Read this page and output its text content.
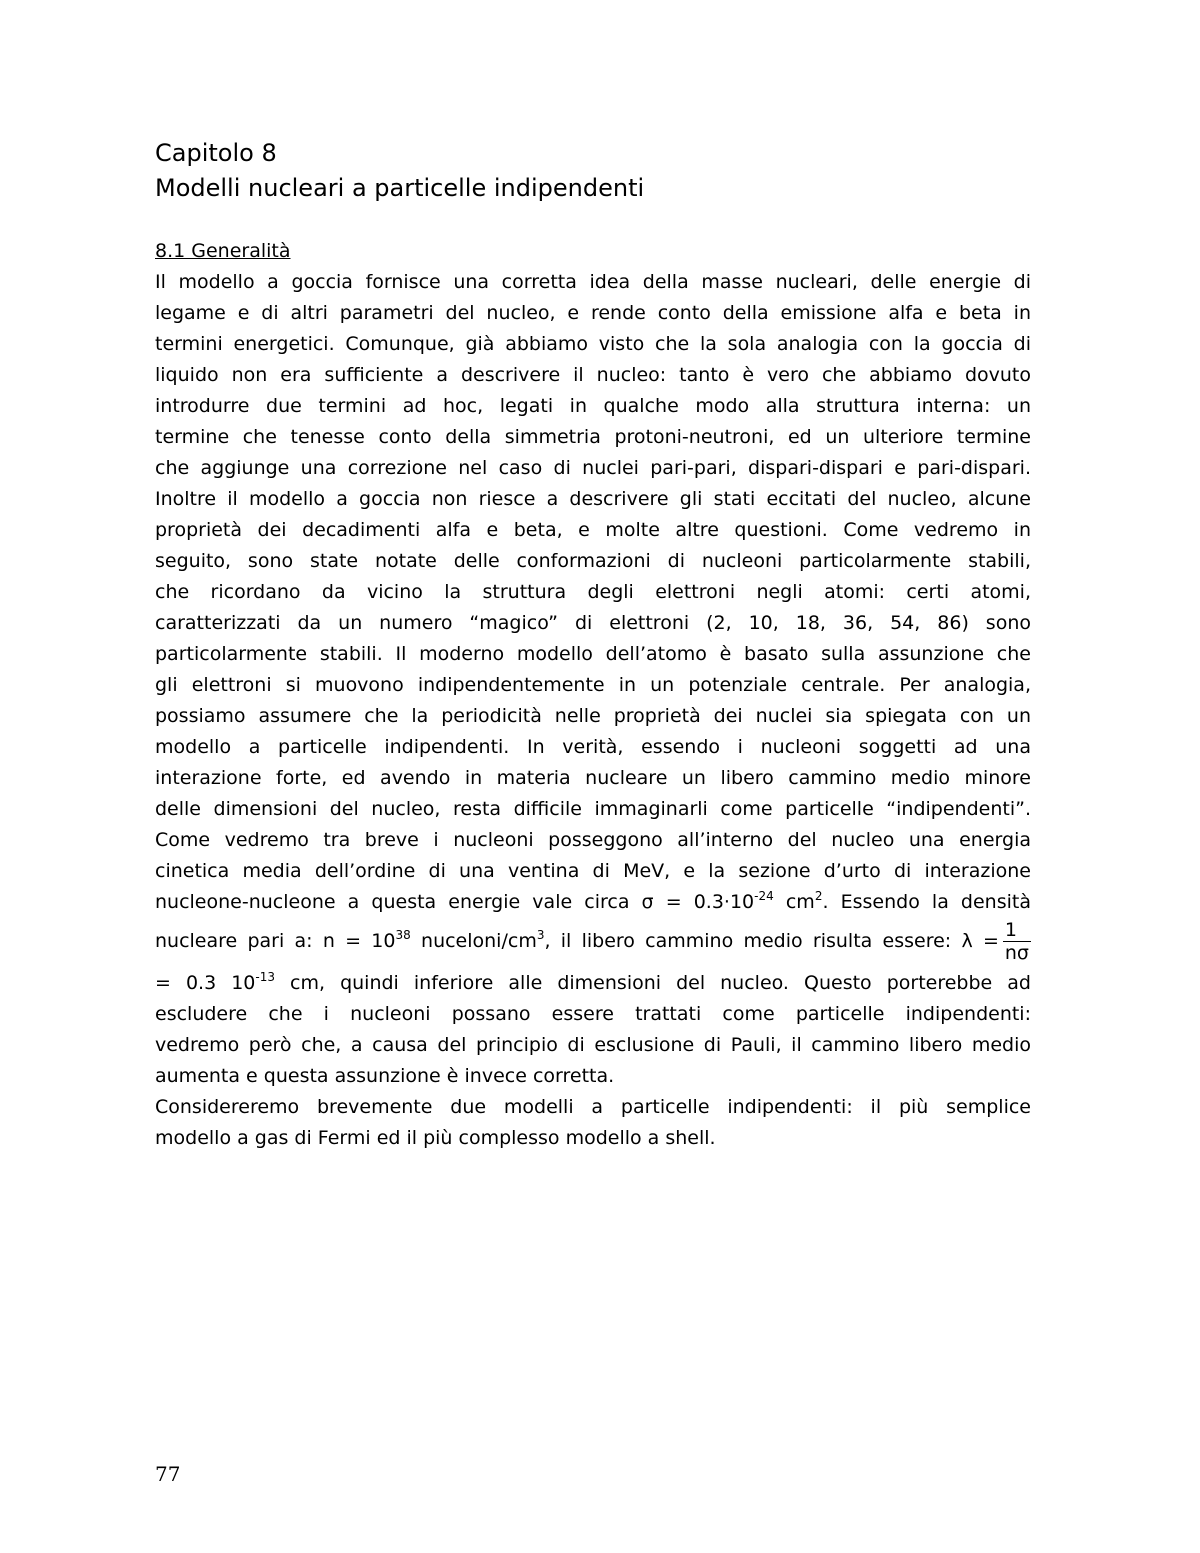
Capitolo 8
Modelli nucleari a particelle indipendenti
8.1 Generalità
Il modello a goccia fornisce una corretta idea della masse nucleari, delle energie di
legame e di altri parametri del nucleo, e rende conto della emissione alfa e beta in
termini energetici. Comunque, già abbiamo visto che la sola analogia con la goccia di
liquido non era sufficiente a descrivere il nucleo: tanto è vero che abbiamo dovuto
introdurre due termini ad hoc, legati in qualche modo alla struttura interna: un
termine che tenesse conto della simmetria protoni-neutroni, ed un ulteriore termine
che aggiunge una correzione nel caso di nuclei pari-pari, dispari-dispari e pari-dispari.
Inoltre il modello a goccia non riesce a descrivere gli stati eccitati del nucleo, alcune
proprietà dei decadimenti alfa e beta, e molte altre questioni. Come vedremo in
seguito, sono state notate delle conformazioni di nucleoni particolarmente stabili,
che ricordano da vicino la struttura degli elettroni negli atomi: certi atomi,
caratterizzati da un numero “magico” di elettroni (2, 10, 18, 36, 54, 86) sono
particolarmente stabili. Il moderno modello dell’atomo è basato sulla assunzione che
gli elettroni si muovono indipendentemente in un potenziale centrale. Per analogia,
possiamo assumere che la periodicità nelle proprietà dei nuclei sia spiegata con un
modello a particelle indipendenti. In verità, essendo i nucleoni soggetti ad una
interazione forte, ed avendo in materia nucleare un libero cammino medio minore
delle dimensioni del nucleo, resta difficile immaginarli come particelle “indipendenti”.
Come vedremo tra breve i nucleoni posseggono all’interno del nucleo una energia
cinetica media dell’ordine di una ventina di MeV, e la sezione d’urto di interazione
nucleone-nucleone a questa energie vale circa $\sigma = 0.3\cdot 10^{-24}$ $cm^2$. Essendo la densità
nucleare pari a: $n = 10^{38}$ nuceloni/$cm^3$, il libero cammino medio risulta essere: $\lambda = \frac{1}{n\sigma}$
= 0.3 $10^{-13}$ cm, quindi inferiore alle dimensioni del nucleo. Questo porterebbe ad
escludere che i nucleoni possano essere trattati come particelle indipendenti:
vedremo però che, a causa del principio di esclusione di Pauli, il cammino libero medio
aumenta e questa assunzione è invece corretta.
Considereremo brevemente due modelli a particelle indipendenti: il più semplice
modello a gas di Fermi ed il più complesso modello a shell.
77
